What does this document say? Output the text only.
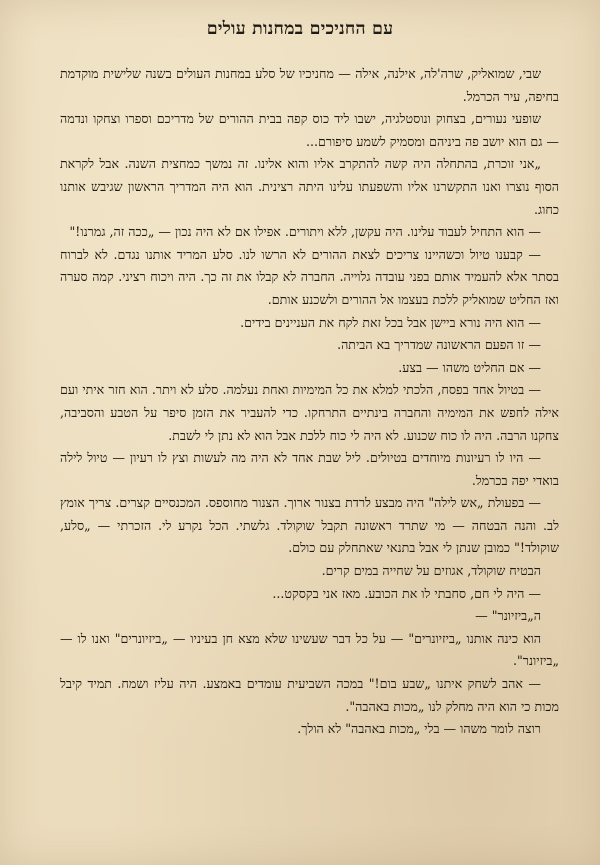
עם החניכים במחנות עולים

שבי, שמואליק, שרה'לה, אילנה, אילה — מחניכיו של סלע במחנות העולים בשנה שלישית מוקדמת בחיפה, עיר הכרמל.

שופעי נעורים, בצחוק ונוסטלגיה, ישבו ליד כוס קפה בבית ההורים של מדריכם וספרו וצחקו ונדמה — גם הוא יושב פה ביניהם ומסמיק לשמע סיפורם...

„אני זוכרת, בהתחלה היה קשה להתקרב אליו והוא אלינו. זה נמשך כמחצית השנה. אבל לקראת הסוף נוצרו ואנו התקשרנו אליו והשפעתו עלינו היתה רצינית. הוא היה המדריך הראשון שגיבש אותנו כחוג.

— הוא התחיל לעבוד עלינו. היה עקשן, ללא ויתורים. אפילו אם לא היה נכון — „ככה זה, גמרנו!"

— קבענו טיול וכשהיינו צריכים לצאת ההורים לא הרשו לנו. סלע המריד אותנו נגדם. לא לברוח בסתר אלא להעמיד אותם בפני עובדה גלוייה. החברה לא קבלו את זה כך. היה ויכוח רציני. קמה סערה ואז החליט שמואליק ללכת בעצמו אל ההורים ולשכנע אותם.

— הוא היה נורא ביישן אבל בכל זאת לקח את העניינים בידים.

— זו הפעם הראשונה שמדריך בא הביתה.

— אם החליט משהו — בצע.

— בטיול אחד בפסח, הלכתי למלא את כל המימיות ואחת נעלמה. סלע לא ויתר. הוא חזר איתי ועם אילה לחפש את המימיה והחברה בינתיים התרחקו. כדי להעביר את הזמן סיפר על הטבע והסביבה, צחקנו הרבה. היה לו כוח שכנוע. לא היה לי כוח ללכת אבל הוא לא נתן לי לשבת.

— היו לו רעיונות מיוחדים בטיולים. ליל שבת אחד לא היה מה לעשות וצץ לו רעיון — טיול לילה בואדי יפה בכרמל.

— בפעולת „אש לילה" היה מבצע לרדת בצנור ארוך. הצנור מחוספס. המכנסיים קצרים. צריך אומץ לב. והנה הבטחה — מי שתרד ראשונה תקבל שוקולד. גלשתי. הכל נקרע לי. הזכרתי — „סלע, שוקולד!" כמובן שנתן לי אבל בתנאי שאתחלק עם כולם.

הבטיח שוקולד, אגוזים על שחייה במים קרים.

— היה לי חם, סחבתי לו את הכובע. מאז אני בקסקט...

ה„ביזיונר" —

הוא כינה אותנו „ביזיונרים" — על כל דבר שעשינו שלא מצא חן בעיניו — „ביזיונרים" ואנו לו — „ביזיונר".

— אהב לשחק איתנו „שבע בום!" במכה השביעית עומדים באמצע. היה עליז ושמח. תמיד קיבל מכות כי הוא היה מחלק לנו „מכות באהבה".

רוצה לומר משהו — בלי „מכות באהבה" לא הולך.
